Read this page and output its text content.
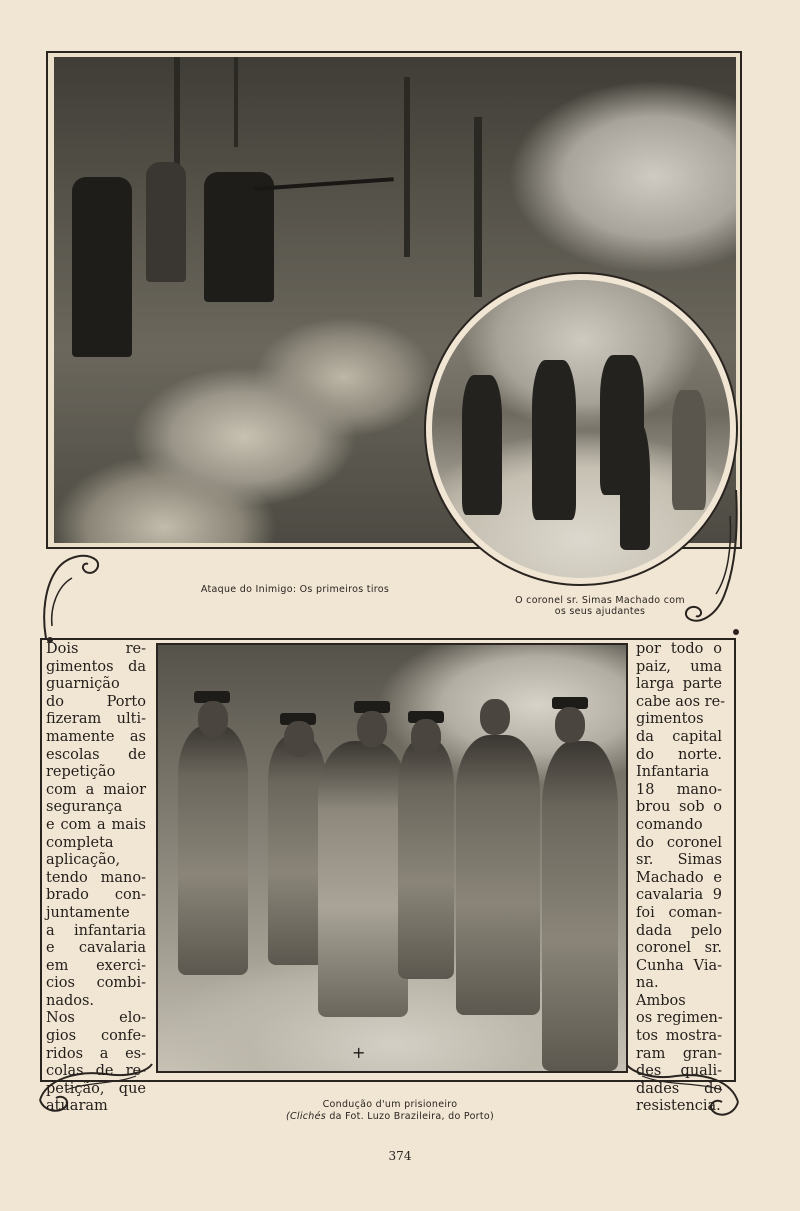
Ataque do Inimigo: Os primeiros tiros
O coronel sr. Simas Machado com
os seus ajudantes
Dois re-
gimentos da
guarnição
do Porto
fizeram ulti-
mamente as
escolas de
repetição
com a maior
segurança
e com a mais
completa
aplicação,
tendo mano-
brado con-
juntamente
a infantaria
e cavalaria
em exerci-
cios combi-
nados.
Nos elo-
gios confe-
ridos a es-
colas de re-
petição, que
atuaram
por todo o
paiz, uma
larga parte
cabe aos re-
gimentos
da capital
do norte.
Infantaria
18 mano-
brou sob o
comando
do coronel
sr. Simas
Machado e
cavalaria 9
foi coman-
dada pelo
coronel sr.
Cunha Via-
na.
Ambos
os regimen-
tos mostra-
ram gran-
des quali-
dades de
resistencia.
+
Condução d'um prisioneiro
(Clichés da Fot. Luzo Brazileira, do Porto)
374
